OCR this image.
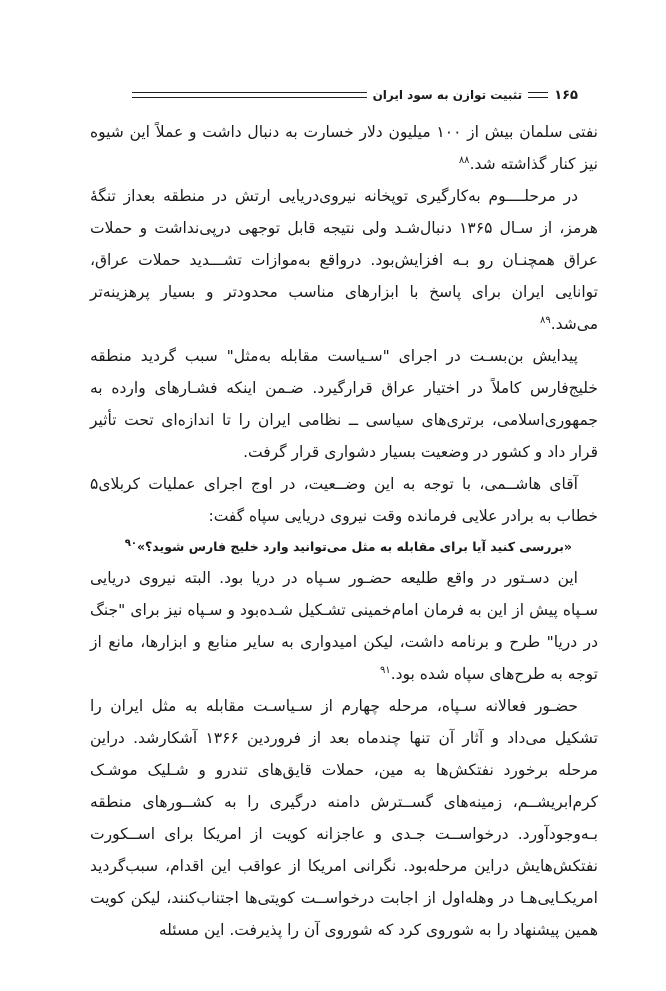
۱۶۵
تثبیت توازن به سود ایران

نفتی سلمان بیش از ۱۰۰ میلیون دلار خسارت به دنبال داشت و عملاً این شیوه نیز کنار گذاشته شد.$^{۸۸}$

در مرحلــــوم به‌کارگیری توپخانه نیروی‌دریایی ارتش در منطقه بعداز تنگهٔ هرمز، از سـال ۱۳۶۵ دنبال‌شـد ولی نتیجه قابل توجهی درپی‌نداشت و حملات عراق همچنـان رو بـه افزایش‌بود. درواقع به‌موازات تشـــدید حملات عراق، توانایی ایران برای پاسخ با ابزارهای مناسب محدودتر و بسیار پرهزینه‌تر می‌شد.$^{۸۹}$

پیدایش بن‌بسـت در اجرای "سـیاست مقابله به‌مثل" سبب گردید منطقه خلیج‌فارس کاملاً در اختیار عراق قرارگیرد. ضـمن اینکه فشـارهای وارده به جمهوری‌اسلامی، برتری‌های سیاسی ــ نظامی ایران را تا اندازه‌ای تحت تأثیر قرار داد و کشور در وضعیت بسیار دشواری قرار گرفت.

آقای هاشــمی، با توجه به این وضــعیت، در اوج اجرای عملیات کربلای۵ خطاب به برادر علایی فرمانده وقت نیروی دریایی سپاه گفت:

«بررسی کنید آیا برای مقابله به مثل می‌توانید وارد خلیج فارس شوید؟»$^{۹۰}$

این دسـتور در واقع طلیعه حضـور سـپاه در دریا بود. البته نیروی دریایی سـپاه پیش از این به فرمان امام‌خمینی تشـکیل شـده‌بود و سـپاه نیز برای "جنگ در دریا" طرح و برنامه داشت، لیکن امیدواری به سایر منابع و ابزارها، مانع از توجه به طرح‌های سپاه شده بود.$^{۹۱}$

حضـور فعالانه سـپاه، مرحله چهارم از سـیاسـت مقابله به مثل ایران را تشکیل می‌داد و آثار آن تنها چندماه بعد از فروردین ۱۳۶۶ آشکارشد. دراین مرحله برخورد نفتکش‌ها به مین، حملات قایق‌های تندرو و شـلیک موشـک کرم‌ابریشــم، زمینه‌های گســترش دامنه درگیری را به کشــورهای منطقه بـه‌وجودآورد. درخواســت جـدی و عاجزانه کویت از امریکا برای اســکورت نفتکش‌هایش دراین مرحله‌بود. نگرانی امریکا از عواقب این اقدام، سبب‌گردید امریکـایی‌هـا در وهله‌اول از اجابت درخواســت کویتی‌ها اجتناب‌کنند، لیکن کویت همین پیشنهاد را به شوروی کرد که شوروی آن را پذیرفت. این مسئله
